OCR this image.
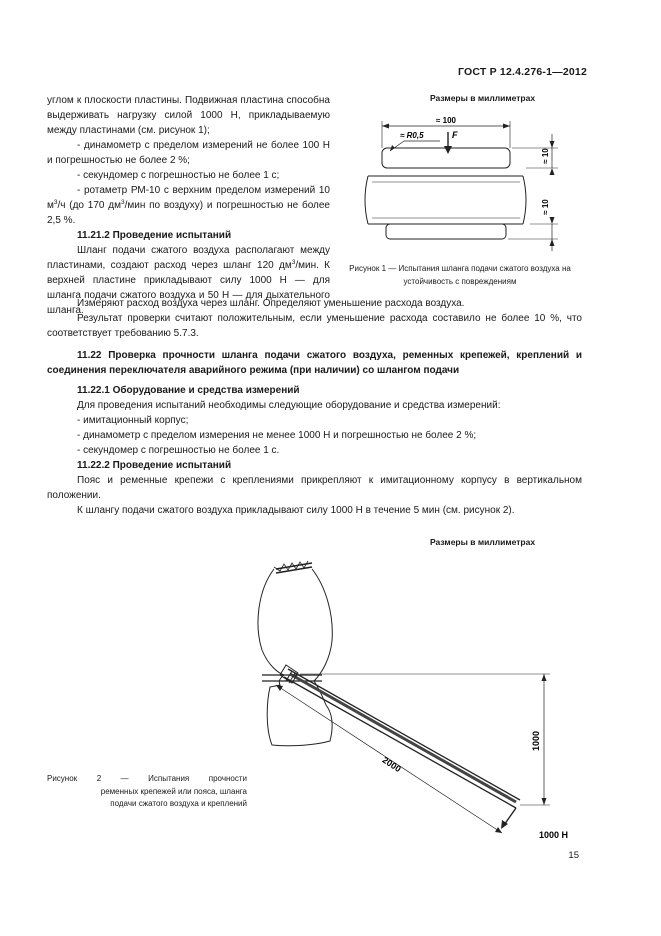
ГОСТ Р 12.4.276-1—2012

углом к плоскости пластины. Подвижная пластина способна выдерживать нагрузку силой 1000 Н, прикладываемую между пластинами (см. рисунок 1);

- динамометр с пределом измерений не более 100 Н и погрешностью не более 2 %;

- секундомер с погрешностью не более 1 с;

- ротаметр РМ-10 с верхним пределом измерений 10 $м^3/ч$ (до 170 $дм^3$/мин по воздуху) и погрешностью не более 2,5 %.

11.21.2 Проведение испытаний

Шланг подачи сжатого воздуха располагают между пластинами, создают расход через шланг 120 $дм^3$/мин. К верхней пластине прикладывают силу 1000 Н — для шланга подачи сжатого воздуха и 50 Н — для дыхательного шланга.

Размеры в миллиметрах
≈ 100
≈ R0,5	F
≈ 10
≈ 10
Рисунок 1 — Испытания шланга подачи сжатого воздуха на устойчивость с повреждениям

Измеряют расход воздуха через шланг. Определяют уменьшение расхода воздуха.

Результат проверки считают положительным, если уменьшение расхода составило не более 10 %, что соответствует требованию 5.7.3.

11.22 Проверка прочности шланга подачи сжатого воздуха, ременных крепежей, креплений и соединения переключателя аварийного режима (при наличии) со шлангом подачи

11.22.1 Оборудование и средства измерений

Для проведения испытаний необходимы следующие оборудование и средства измерений:

- имитационный корпус;

- динамометр с пределом измерения не менее 1000 Н и погрешностью не более 2 %;

- секундомер с погрешностью не более 1 с.

11.22.2 Проведение испытаний

Пояс и ременные крепежи с креплениями прикрепляют к имитационному корпусу в вертикальном положении.

К шлангу подачи сжатого воздуха прикладывают силу 1000 Н в течение 5 мин (см. рисунок 2).

Размеры в миллиметрах
2000
1000
1000 Н
Рисунок 2 — Испытания прочности
ременных крепежей или пояса, шланга
подачи сжатого воздуха и креплений
15
